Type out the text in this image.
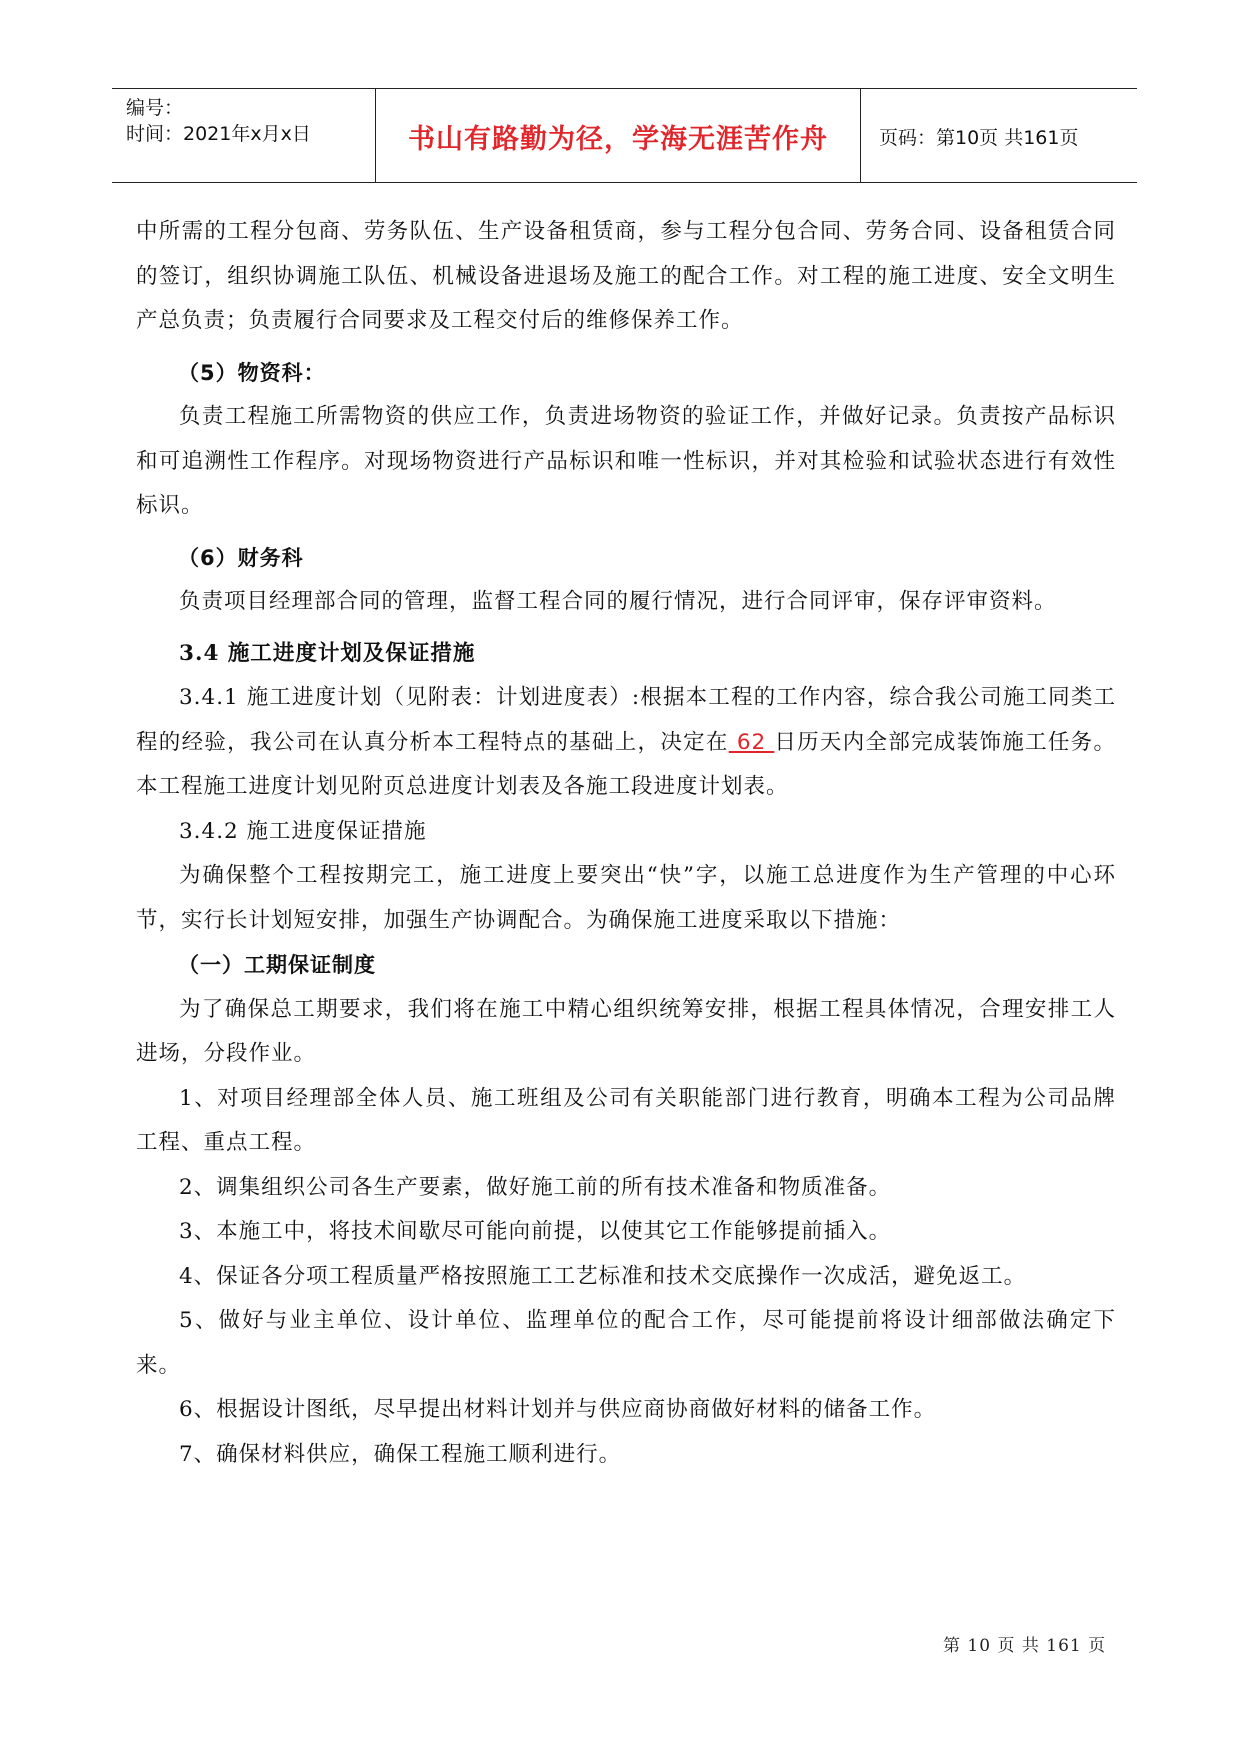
编号：
时间：2021年x月x日	书山有路勤为径，学海无涯苦作舟	页码：第10页 共161页

中所需的工程分包商、劳务队伍、生产设备租赁商，参与工程分包合同、劳务合同、设备租赁合同的签订，组织协调施工队伍、机械设备进退场及施工的配合工作。对工程的施工进度、安全文明生产总负责；负责履行合同要求及工程交付后的维修保养工作。

（5）物资科：

负责工程施工所需物资的供应工作，负责进场物资的验证工作，并做好记录。负责按产品标识和可追溯性工作程序。对现场物资进行产品标识和唯一性标识，并对其检验和试验状态进行有效性标识。

（6）财务科

负责项目经理部合同的管理，监督工程合同的履行情况，进行合同评审，保存评审资料。

3.4 施工进度计划及保证措施

3.4.1 施工进度计划（见附表：计划进度表）:根据本工程的工作内容，综合我公司施工同类工程的经验，我公司在认真分析本工程特点的基础上，决定在 62 日历天内全部完成装饰施工任务。本工程施工进度计划见附页总进度计划表及各施工段进度计划表。

3.4.2 施工进度保证措施

为确保整个工程按期完工，施工进度上要突出“快”字，以施工总进度作为生产管理的中心环节，实行长计划短安排，加强生产协调配合。为确保施工进度采取以下措施：

（一）工期保证制度

为了确保总工期要求，我们将在施工中精心组织统筹安排，根据工程具体情况，合理安排工人进场，分段作业。

1、对项目经理部全体人员、施工班组及公司有关职能部门进行教育，明确本工程为公司品牌工程、重点工程。

2、调集组织公司各生产要素，做好施工前的所有技术准备和物质准备。

3、本施工中，将技术间歇尽可能向前提，以使其它工作能够提前插入。

4、保证各分项工程质量严格按照施工工艺标准和技术交底操作一次成活，避免返工。

5、做好与业主单位、设计单位、监理单位的配合工作，尽可能提前将设计细部做法确定下来。

6、根据设计图纸，尽早提出材料计划并与供应商协商做好材料的储备工作。

7、确保材料供应，确保工程施工顺利进行。

第 10 页 共 161 页
